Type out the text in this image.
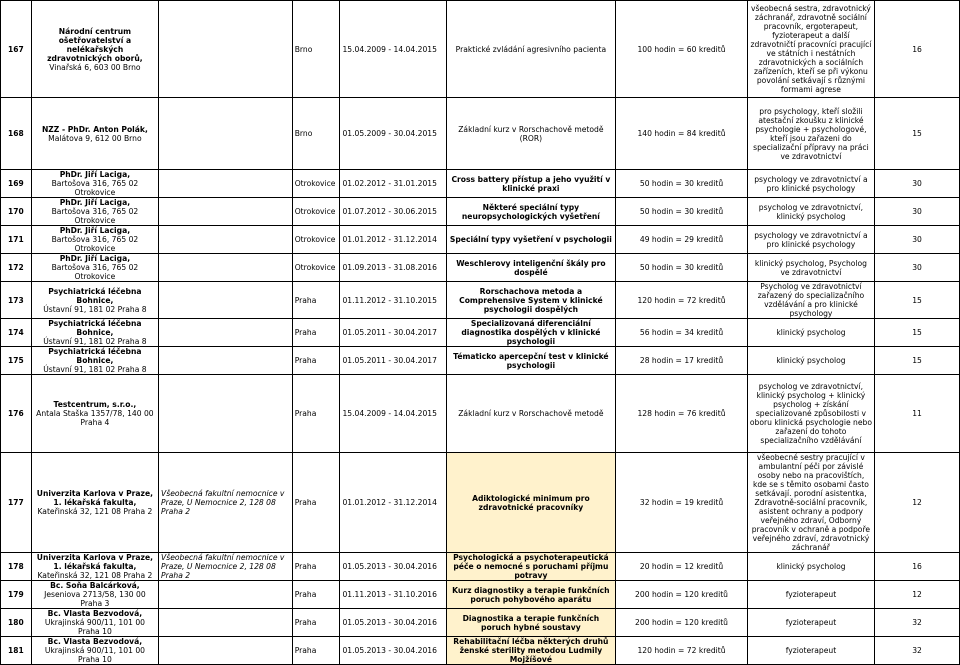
167	Národní centrum ošetřovatelství a nelékařských zdravotnických oborů,
Vinařská 6, 603 00 Brno		Brno	15.04.2009 - 14.04.2015	Praktické zvládání agresivního pacienta	100 hodin = 60 kreditů	všeobecná sestra, zdravotnický záchranář, zdravotně sociální pracovník, ergoterapeut, fyzioterapeut a další zdravotničtí pracovníci pracující ve státních i nestátních zdravotnických a sociálních zařízeních, kteří se při výkonu povolání setkávají s různými formami agrese	16
168	NZZ - PhDr. Anton Polák,
Malátova 9, 612 00 Brno		Brno	01.05.2009 - 30.04.2015	Základní kurz v Rorschachově metodě (ROR)	140 hodin = 84 kreditů	pro psychology, kteří složili atestační zkoušku z klinické psychologie + psychologové, kteří jsou zařazeni do specializační přípravy na práci ve zdravotnictví	15
169	PhDr. Jiří Laciga,
Bartošova 316, 765 02 Otrokovice		Otrokovice	01.02.2012 - 31.01.2015	Cross battery přístup a jeho využití v klinické praxi	50 hodin = 30 kreditů	psychology ve zdravotnictví a pro klinické psychology	30
170	PhDr. Jiří Laciga,
Bartošova 316, 765 02 Otrokovice		Otrokovice	01.07.2012 - 30.06.2015	Některé speciální typy neuropsychologických vyšetření	50 hodin = 30 kreditů	psycholog ve zdravotnictví, klinický psycholog	30
171	PhDr. Jiří Laciga,
Bartošova 316, 765 02 Otrokovice		Otrokovice	01.01.2012 - 31.12.2014	Speciální typy vyšetření v psychologii	49 hodin = 29 kreditů	psychology ve zdravotnictví a pro klinické psychology	30
172	PhDr. Jiří Laciga,
Bartošova 316, 765 02 Otrokovice		Otrokovice	01.09.2013 - 31.08.2016	Weschlerovy inteligenční škály pro dospělé	50 hodin = 30 kreditů	klinický psycholog, Psycholog ve zdravotnictví	30
173	Psychiatrická léčebna Bohnice,
Ústavní 91, 181 02 Praha 8		Praha	01.11.2012 - 31.10.2015	Rorschachova metoda a Comprehensive System v klinické psychologii dospělých	120 hodin = 72 kreditů	Psycholog ve zdravotnictví zařazený do specializačního vzdělávání a pro klinické psychology	15
174	Psychiatrická léčebna Bohnice,
Ústavní 91, 181 02 Praha 8		Praha	01.05.2011 - 30.04.2017	Specializovaná diferenciální diagnostika dospělých v klinické psychologii	56 hodin = 34 kreditů	klinický psycholog	15
175	Psychiatrická léčebna Bohnice,
Ústavní 91, 181 02 Praha 8		Praha	01.05.2011 - 30.04.2017	Tématicko apercepční test v klinické psychologii	28 hodin = 17 kreditů	klinický psycholog	15
176	Testcentrum, s.r.o.,
Antala Staška 1357/78, 140 00 Praha 4		Praha	15.04.2009 - 14.04.2015	Základní kurz v Rorschachově metodě	128 hodin = 76 kreditů	psycholog ve zdravotnictví, klinický psycholog + klinický psycholog + získání specializované způsobilosti v oboru klinická psychologie nebo zařazení do tohoto specializačního vzdělávání	11
177	Univerzita Karlova v Praze, 1. lékařská fakulta,
Kateřinská 32, 121 08 Praha 2	Všeobecná fakultní nemocnice v Praze, U Nemocnice 2, 128 08 Praha 2	Praha	01.01.2012 - 31.12.2014	Adiktologické minimum pro zdravotnické pracovníky	32 hodin = 19 kreditů	všeobecné sestry pracující v ambulantní péči por závislé osoby nebo na pracovištích, kde se s těmito osobami často setkávají. porodní asistentka, Zdravotně-sociální pracovník, asistent ochrany a podpory veřejného zdraví, Odborný pracovník v ochraně a podpoře veřejného zdraví, zdravotnický záchranář	12
178	Univerzita Karlova v Praze, 1. lékařská fakulta,
Kateřinská 32, 121 08 Praha 2	Všeobecná fakultní nemocnice v Praze, U Nemocnice 2, 128 08 Praha 2	Praha	01.05.2013 - 30.04.2016	Psychologická a psychoterapeutická péče o nemocné s poruchami příjmu potravy	20 hodin = 12 kreditů	klinický psycholog	16
179	Bc. Soňa Balcárková,
Jeseniova 2713/58, 130 00 Praha 3		Praha	01.11.2013 - 31.10.2016	Kurz diagnostiky a terapie funkčních poruch pohybového aparátu	200 hodin = 120 kreditů	fyzioterapeut	12
180	Bc. Vlasta Bezvodová,
Ukrajinská 900/11, 101 00 Praha 10		Praha	01.05.2013 - 30.04.2016	Diagnostika a terapie funkčních poruch hybné soustavy	200 hodin = 120 kreditů	fyzioterapeut	32
181	Bc. Vlasta Bezvodová,
Ukrajinská 900/11, 101 00 Praha 10		Praha	01.05.2013 - 30.04.2016	Rehabilitační léčba některých druhů ženské sterility metodou Ludmily Mojžíšové	120 hodin = 72 kreditů	fyzioterapeut	32
